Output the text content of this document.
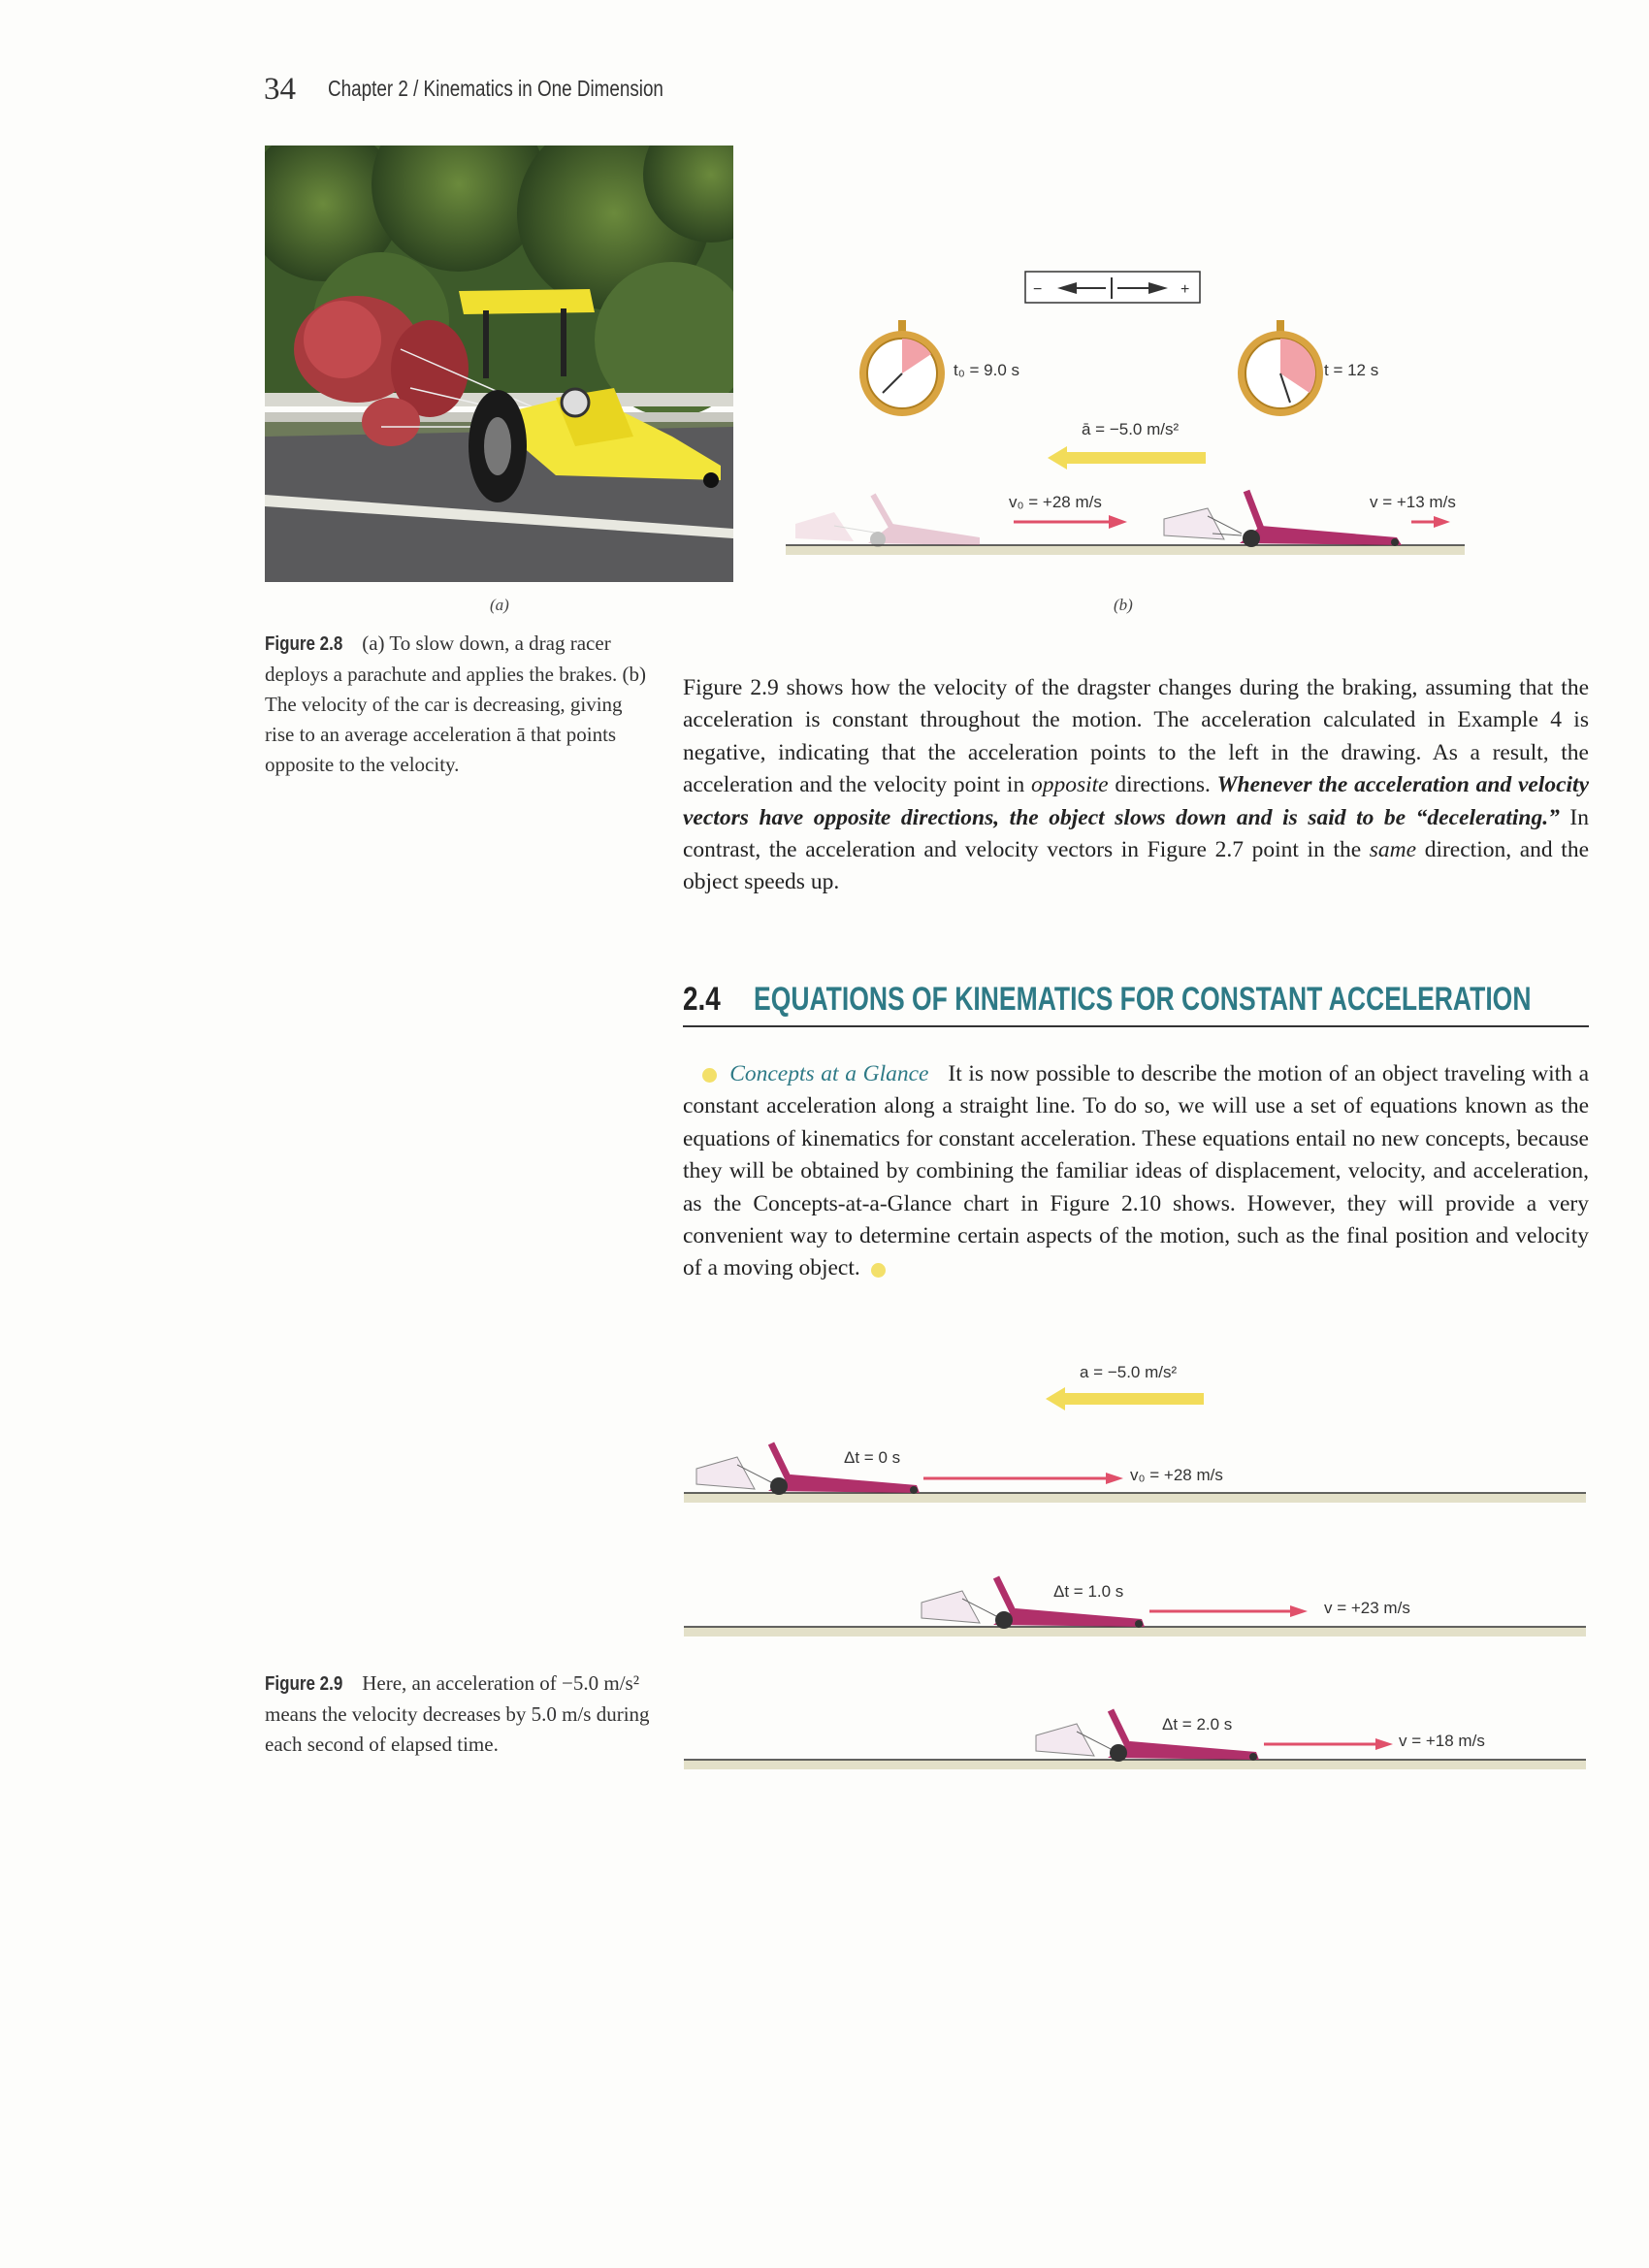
34 Chapter 2 / Kinematics in One Dimension
(a)	(b)
−	+
t₀ = 9.0 s	t = 12 s
ā = −5.0 m/s²
v₀ = +28 m/s	v = +13 m/s
Figure 2.8 (a) To slow down, a drag racer deploys a parachute and applies the brakes. (b) The velocity of the car is decreasing, giving rise to an average acceleration ā that points opposite to the velocity.
Figure 2.9 shows how the velocity of the dragster changes during the braking, assuming that the acceleration is constant throughout the motion. The acceleration calculated in Example 4 is negative, indicating that the acceleration points to the left in the drawing. As a result, the acceleration and the velocity point in opposite directions. Whenever the acceleration and velocity vectors have opposite directions, the object slows down and is said to be “decelerating.” In contrast, the acceleration and velocity vectors in Figure 2.7 point in the same direction, and the object speeds up.
2.4 EQUATIONS OF KINEMATICS FOR CONSTANT ACCELERATION
Concepts at a Glance It is now possible to describe the motion of an object traveling with a constant acceleration along a straight line. To do so, we will use a set of equations known as the equations of kinematics for constant acceleration. These equations entail no new concepts, because they will be obtained by combining the familiar ideas of displacement, velocity, and acceleration, as the Concepts-at-a-Glance chart in Figure 2.10 shows. However, they will provide a very convenient way to determine certain aspects of the motion, such as the final position and velocity of a moving object.
a = −5.0 m/s²
Δt = 0 s
v₀ = +28 m/s
Δt = 1.0 s
v = +23 m/s
Δt = 2.0 s
v = +18 m/s
Figure 2.9 Here, an acceleration of −5.0 m/s² means the velocity decreases by 5.0 m/s during each second of elapsed time.
